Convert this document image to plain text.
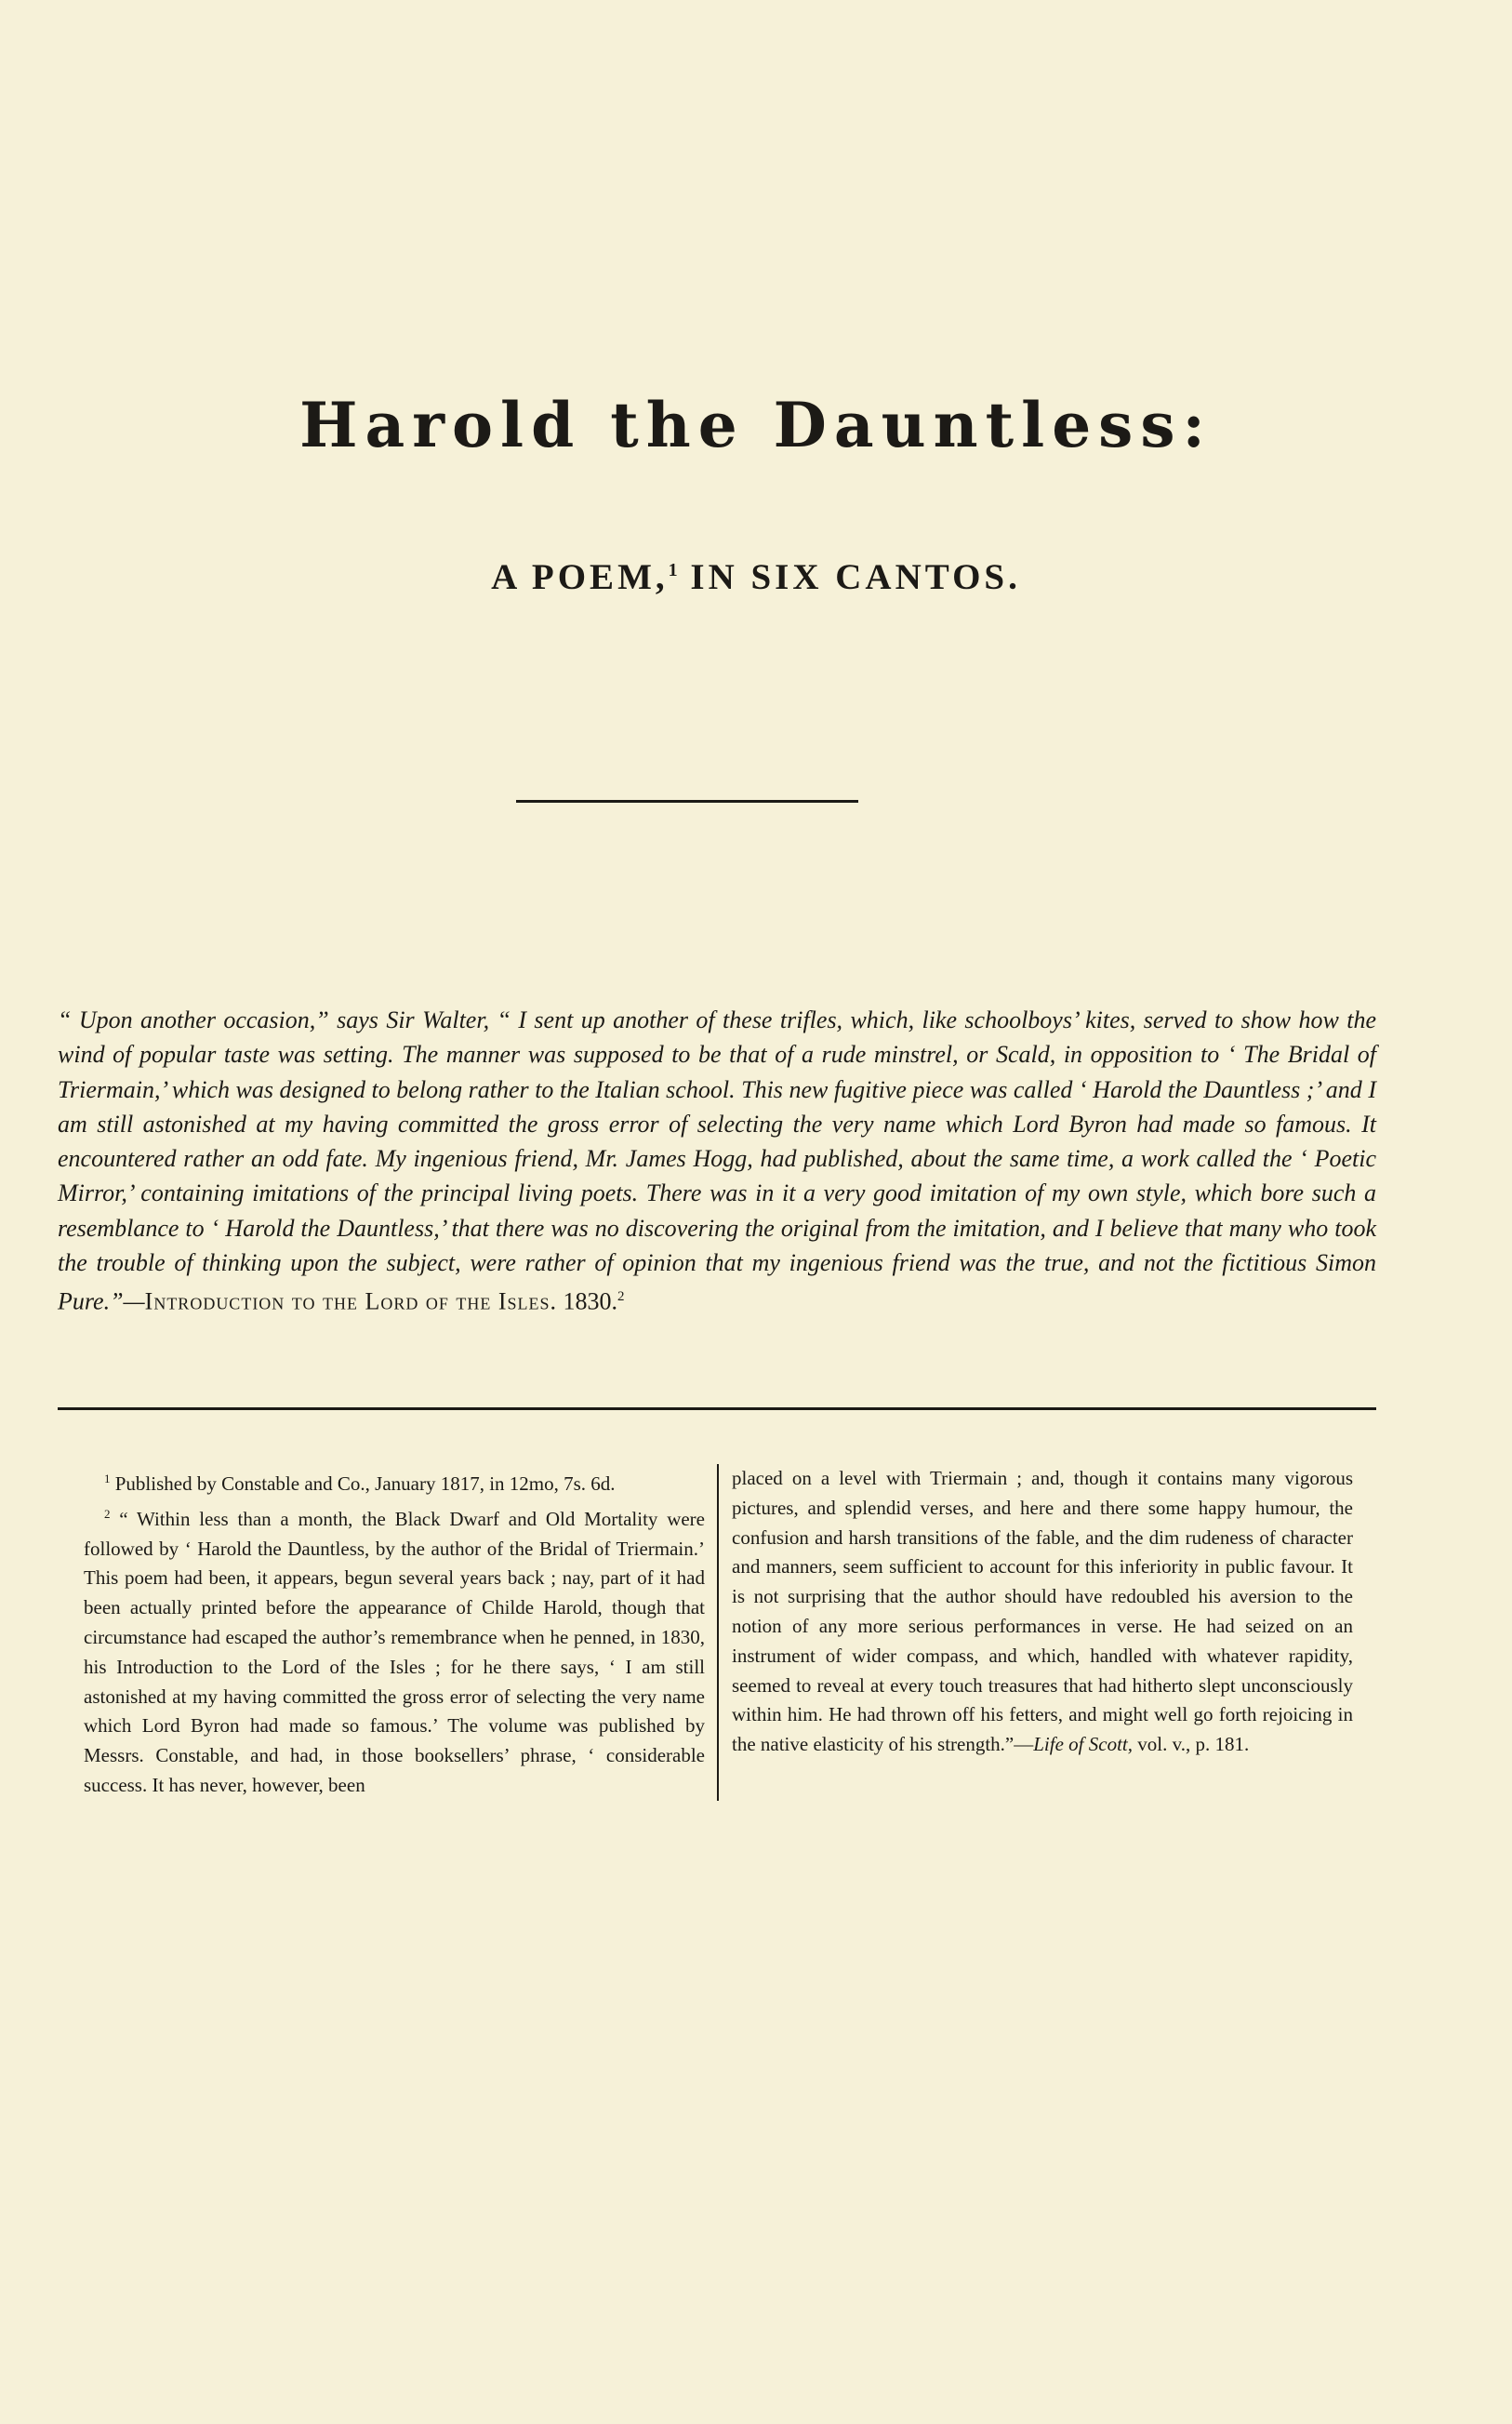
Harold the Dauntless:
A POEM,$^1$ IN SIX CANTOS.

“ Upon another occasion,” says Sir Walter, “ I sent up another of these trifles, which, like schoolboys’ kites, served to show how the wind of popular taste was setting. The manner was supposed to be that of a rude minstrel, or Scald, in opposition to ‘ The Bridal of Triermain,’ which was designed to belong rather to the Italian school. This new fugitive piece was called ‘ Harold the Dauntless ;’ and I am still astonished at my having committed the gross error of selecting the very name which Lord Byron had made so famous. It encountered rather an odd fate. My ingenious friend, Mr. James Hogg, had published, about the same time, a work called the ‘ Poetic Mirror,’ containing imitations of the principal living poets. There was in it a very good imitation of my own style, which bore such a resemblance to ‘ Harold the Dauntless,’ that there was no discovering the original from the imitation, and I believe that many who took the trouble of thinking upon the subject, were rather of opinion that my ingenious friend was the true, and not the fictitious Simon Pure.”—Introduction to the Lord of the Isles. 1830.$^2$

$^1$ Published by Constable and Co., January 1817, in 12mo, 7s. 6d.

$^2$ “ Within less than a month, the Black Dwarf and Old Mortality were followed by ‘ Harold the Dauntless, by the author of the Bridal of Triermain.’ This poem had been, it appears, begun several years back ; nay, part of it had been actually printed before the appearance of Childe Harold, though that circumstance had escaped the author’s remembrance when he penned, in 1830, his Introduction to the Lord of the Isles ; for he there says, ‘ I am still astonished at my having committed the gross error of selecting the very name which Lord Byron had made so famous.’ The volume was published by Messrs. Constable, and had, in those booksellers’ phrase, ‘ considerable success. It has never, however, been

placed on a level with Triermain ; and, though it contains many vigorous pictures, and splendid verses, and here and there some happy humour, the confusion and harsh transitions of the fable, and the dim rudeness of character and manners, seem sufficient to account for this inferiority in public favour. It is not surprising that the author should have redoubled his aversion to the notion of any more serious performances in verse. He had seized on an instrument of wider compass, and which, handled with whatever rapidity, seemed to reveal at every touch treasures that had hitherto slept unconsciously within him. He had thrown off his fetters, and might well go forth rejoicing in the native elasticity of his strength.”—Life of Scott, vol. v., p. 181.
